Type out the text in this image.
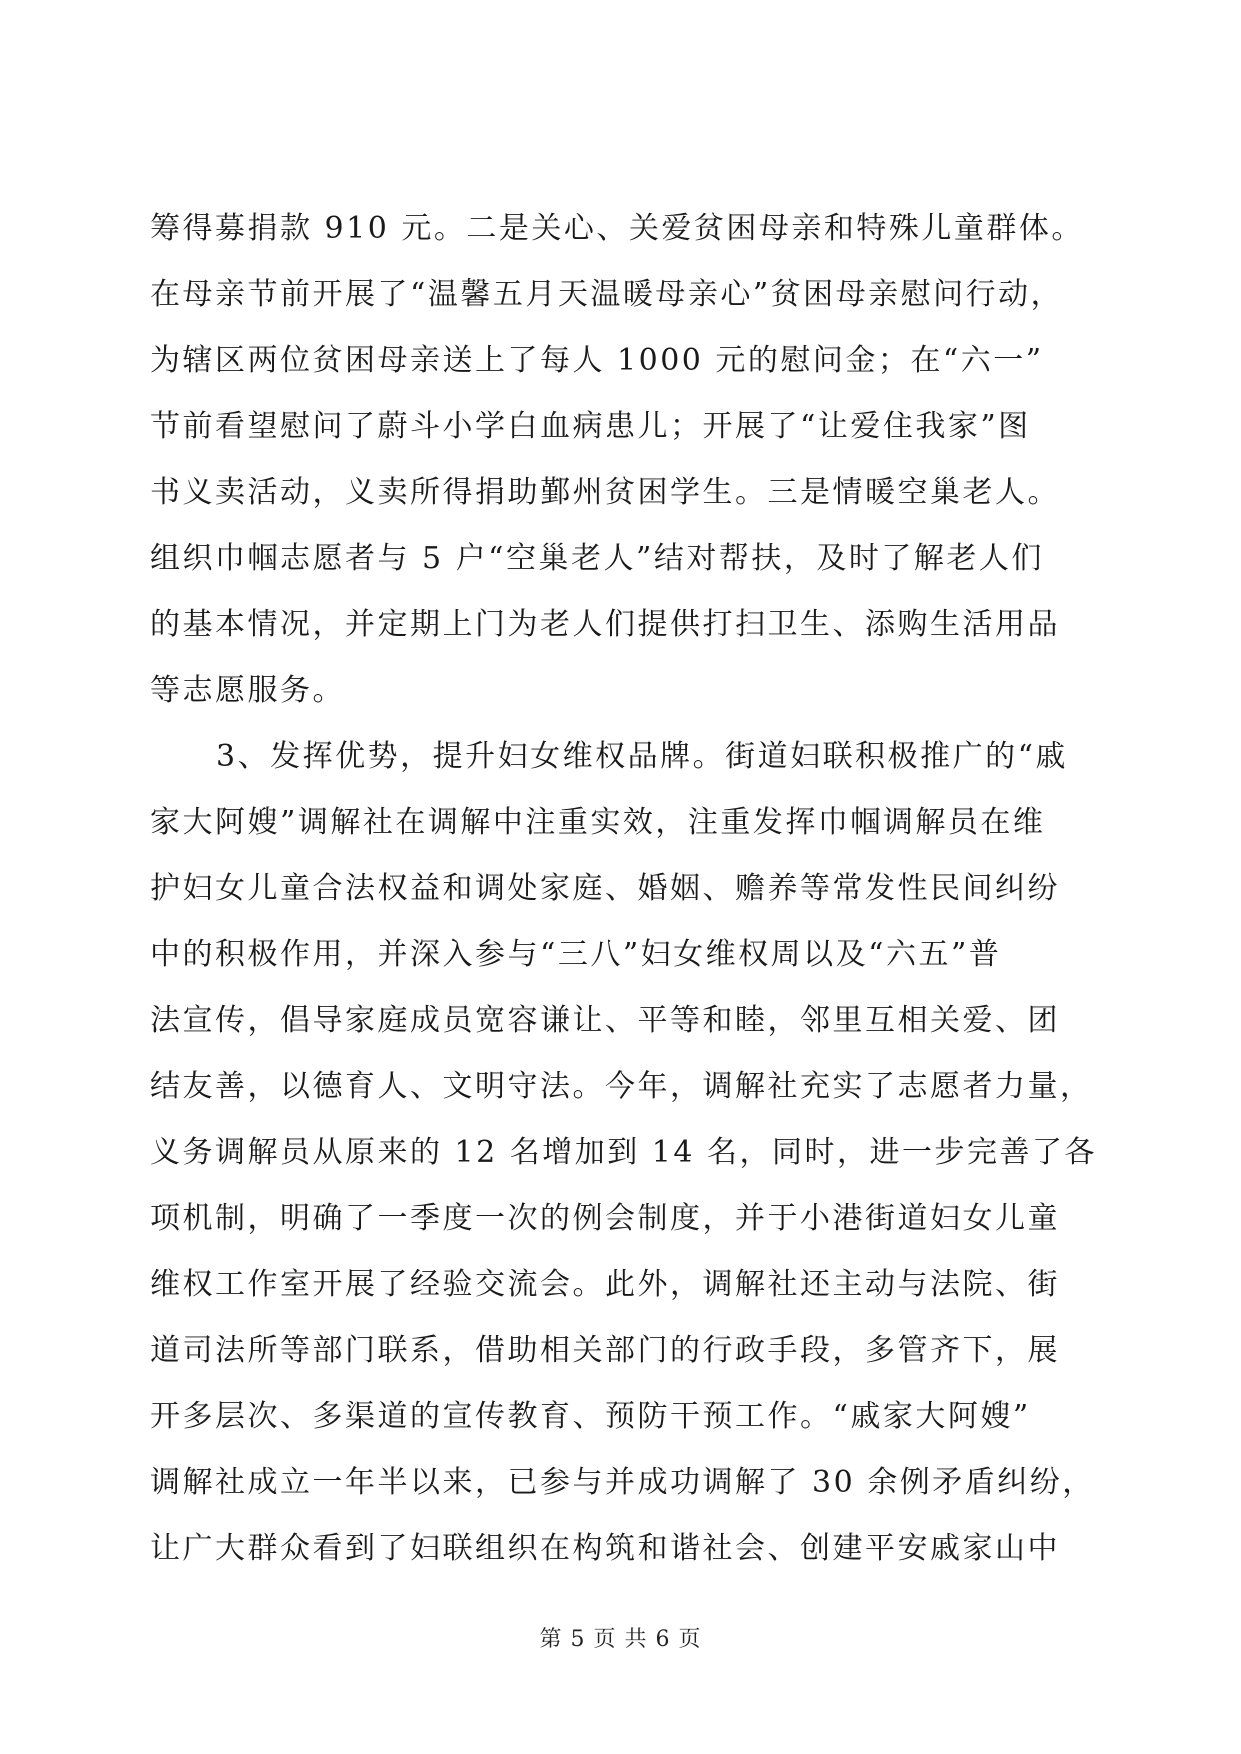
筹得募捐款 910 元。二是关心、关爱贫困母亲和特殊儿童群体。
在母亲节前开展了“温馨五月天温暖母亲心”贫困母亲慰问行动，
为辖区两位贫困母亲送上了每人 1000 元的慰问金；在“六一”
节前看望慰问了蔚斗小学白血病患儿；开展了“让爱住我家”图
书义卖活动，义卖所得捐助鄞州贫困学生。三是情暖空巢老人。
组织巾帼志愿者与 5 户“空巢老人”结对帮扶，及时了解老人们
的基本情况，并定期上门为老人们提供打扫卫生、添购生活用品
等志愿服务。
3、发挥优势，提升妇女维权品牌。街道妇联积极推广的“戚
家大阿嫂”调解社在调解中注重实效，注重发挥巾帼调解员在维
护妇女儿童合法权益和调处家庭、婚姻、赡养等常发性民间纠纷
中的积极作用，并深入参与“三八”妇女维权周以及“六五”普
法宣传，倡导家庭成员宽容谦让、平等和睦，邻里互相关爱、团
结友善，以德育人、文明守法。今年，调解社充实了志愿者力量，
义务调解员从原来的 12 名增加到 14 名，同时，进一步完善了各
项机制，明确了一季度一次的例会制度，并于小港街道妇女儿童
维权工作室开展了经验交流会。此外，调解社还主动与法院、街
道司法所等部门联系，借助相关部门的行政手段，多管齐下，展
开多层次、多渠道的宣传教育、预防干预工作。“戚家大阿嫂”
调解社成立一年半以来，已参与并成功调解了 30 余例矛盾纠纷，
让广大群众看到了妇联组织在构筑和谐社会、创建平安戚家山中
第 5 页 共 6 页
